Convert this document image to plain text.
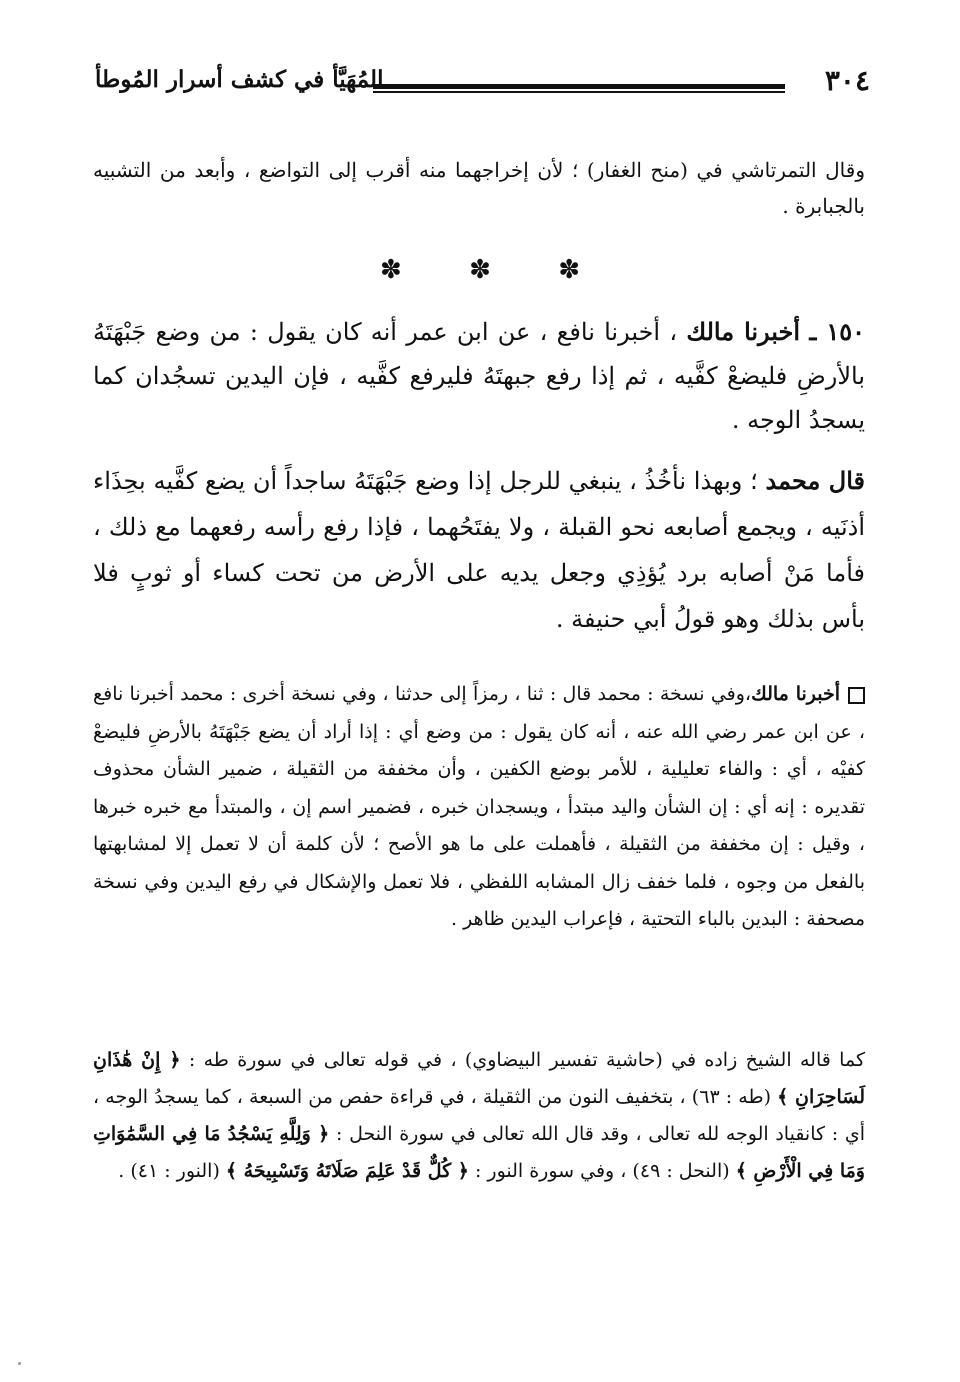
٣٠٤
المُهَيَّأ في كشف أسرار المُوطأ

وقال التمرتاشي في (منح الغفار) ؛ لأن إخراجهما منه أقرب إلى التواضع ، وأبعد من التشبيه بالجبابرة .

✽
✽
✽

١٥٠ ـ أخبرنا مالك ، أخبرنا نافع ، عن ابن عمر أنه كان يقول : من وضع جَبْهَتَهُ بالأرضِ فليضعْ كفَّيه ، ثم إذا رفع جبهتَهُ فليرفع كفَّيه ، فإن اليدين تسجُدان كما يسجدُ الوجه .

قال محمد ؛ وبهذا نأخُذُ ، ينبغي للرجل إذا وضع جَبْهَتَهُ ساجداً أن يضع كفَّيه بحِذَاء أذنَيه ، ويجمع أصابعه نحو القبلة ، ولا يفتَحُهما ، فإذا رفع رأسه رفعهما مع ذلك ، فأما مَنْ أصابه برد يُؤذِي وجعل يديه على الأرض من تحت كساء أو ثوبٍ فلا بأس بذلك وهو قولُ أبي حنيفة .

أخبرنا مالك،وفي نسخة : محمد قال : ثنا ، رمزاً إلى حدثنا ، وفي نسخة أخرى : محمد أخبرنا نافع ، عن ابن عمر رضي الله عنه ، أنه كان يقول : من وضع أي : إذا أراد أن يضع جَبْهَتَهُ بالأرضِ فليضعْ كفيْه ، أي : والفاء تعليلية ، للأمر بوضع الكفين ، وأن مخففة من الثقيلة ، ضمير الشأن محذوف تقديره : إنه أي : إن الشأن واليد مبتدأ ، ويسجدان خبره ، فضمير اسم إن ، والمبتدأ مع خبره خبرها ، وقيل : إن مخففة من الثقيلة ، فأهملت على ما هو الأصح ؛ لأن كلمة أن لا تعمل إلا لمشابهتها بالفعل من وجوه ، فلما خفف زال المشابه اللفظي ، فلا تعمل والإشكال في رفع اليدين وفي نسخة مصحفة : البدين بالباء التحتية ، فإعراب اليدين ظاهر .

كما قاله الشيخ زاده في (حاشية تفسير البيضاوي) ، في قوله تعالى في سورة طه : ﴿ إِنْ هَٰذَانِ لَسَاحِرَانِ ﴾ (طه : ٦٣) ، بتخفيف النون من الثقيلة ، في قراءة حفص من السبعة ، كما يسجدُ الوجه ، أي : كانقياد الوجه لله تعالى ، وقد قال الله تعالى في سورة النحل : ﴿ وَلِلَّهِ يَسْجُدُ مَا فِي السَّمَٰوَاتِ وَمَا فِي الْأَرْضِ ﴾ (النحل : ٤٩) ، وفي سورة النور : ﴿ كُلٌّ قَدْ عَلِمَ صَلَاتَهُ وَتَسْبِيحَهُ ﴾ (النور : ٤١) .
